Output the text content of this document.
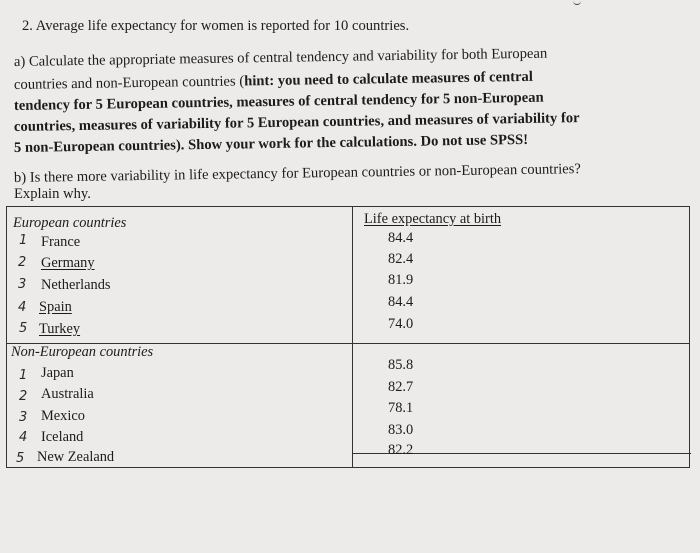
2. Average life expectancy for women is reported for 10 countries.
a) Calculate the appropriate measures of central tendency and variability for both European
countries and non-European countries (hint: you need to calculate measures of central
tendency for 5 European countries, measures of central tendency for 5 non-European
countries, measures of variability for 5 European countries, and measures of variability for
5 non-European countries). Show your work for the calculations. Do not use SPSS!
b) Is there more variability in life expectancy for European countries or non-European countries?
Explain why.
European countries	Life expectancy at birth
1 France	84.4
2 Germany	82.4
3 Netherlands	81.9
4 Spain	84.4
5 Turkey	74.0
Non-European countries
1 Japan	85.8
2 Australia	82.7
3 Mexico	78.1
4 Iceland	83.0
5 New Zealand	82.2
